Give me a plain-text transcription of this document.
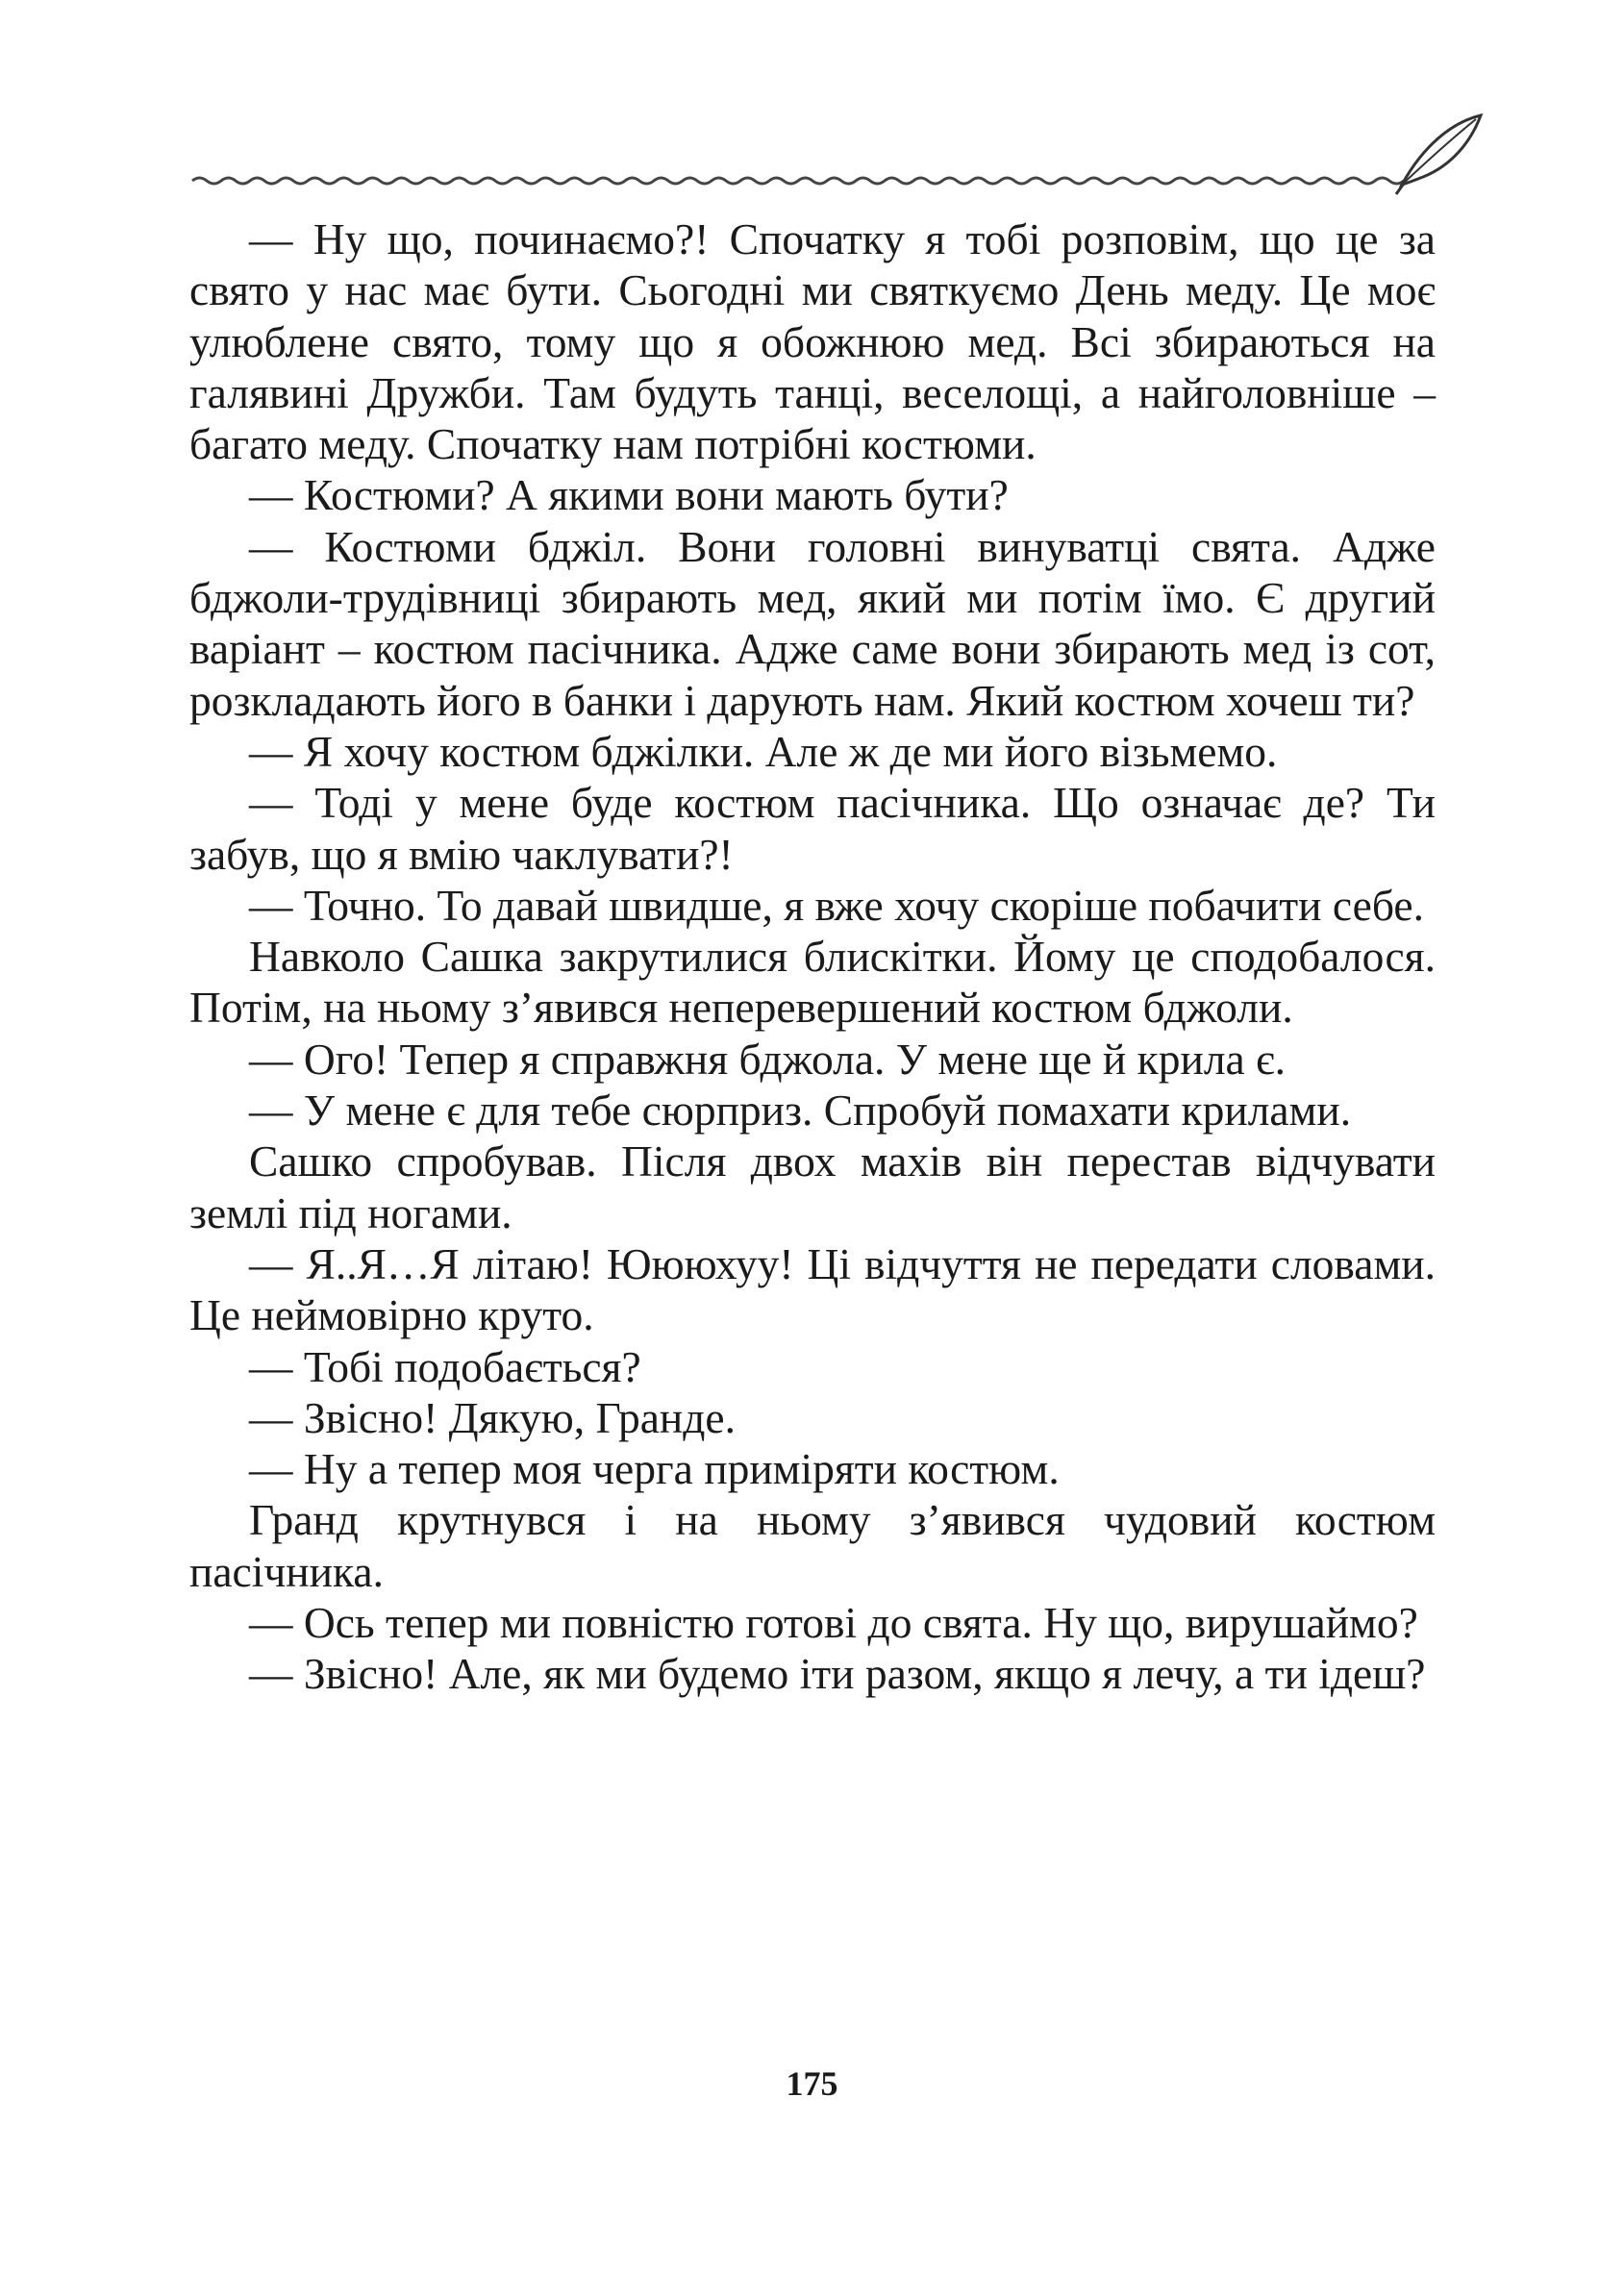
— Ну що, починаємо?! Спочатку я тобі розповім, що це за свято у нас має бути. Сьогодні ми святкуємо День меду. Це моє улюблене свято, тому що я обожнюю мед. Всі збираються на галявині Дружби. Там будуть танці, веселощі, а найголовніше – багато меду. Спочатку нам потрібні костюми.

— Костюми? А якими вони мають бути?

— Костюми бджіл. Вони головні винуватці свята. Адже бджоли-трудівниці збирають мед, який ми потім їмо. Є другий варіант – костюм пасічника. Адже саме вони збирають мед із сот, розкладають його в банки і дарують нам. Який костюм хочеш ти?

— Я хочу костюм бджілки. Але ж де ми його візьмемо.

— Тоді у мене буде костюм пасічника. Що означає де? Ти забув, що я вмію чаклувати?!

— Точно. То давай швидше, я вже хочу скоріше побачити себе.

Навколо Сашка закрутилися блискітки. Йому це сподобалося. Потім, на ньому з’явився неперевершений костюм бджоли.

— Ого! Тепер я справжня бджола. У мене ще й крила є.

— У мене є для тебе сюрприз. Спробуй помахати крилами.

Сашко спробував. Після двох махів він перестав відчувати землі під ногами.

— Я..Я…Я літаю! Юююхуу! Ці відчуття не передати словами. Це неймовірно круто.

— Тобі подобається?

— Звісно! Дякую, Гранде.

— Ну а тепер моя черга приміряти костюм.

Гранд крутнувся і на ньому з’явився чудовий костюм пасічника.

— Ось тепер ми повністю готові до свята. Ну що, вирушаймо?

— Звісно! Але, як ми будемо іти разом, якщо я лечу, а ти ідеш?

175
